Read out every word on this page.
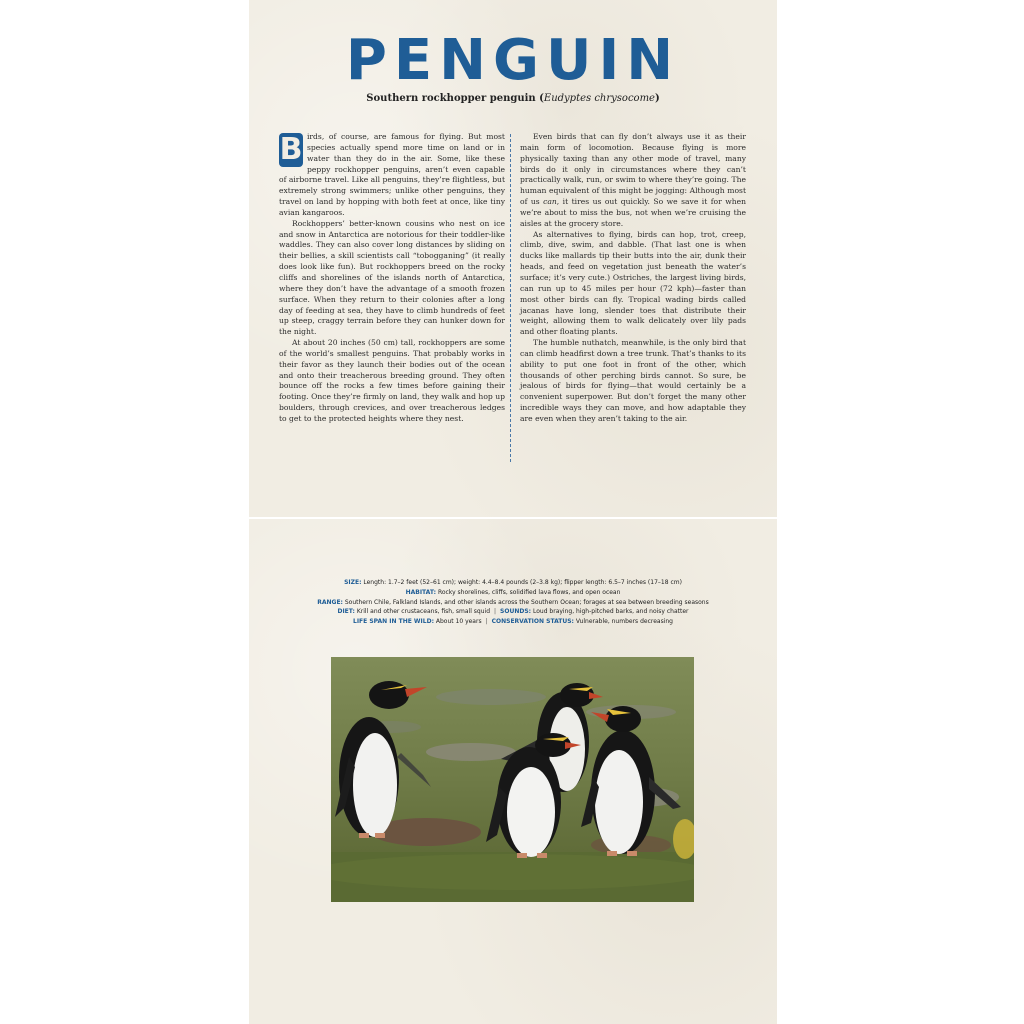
PENGUIN
Southern rockhopper penguin (Eudyptes chrysocome)

B irds, of course, are famous for flying. But most species actually spend more time on land or in water than they do in the air. Some, like these peppy rockhopper penguins, aren’t even capable of airborne travel. Like all penguins, they’re flightless, but extremely strong swimmers; unlike other penguins, they travel on land by hopping with both feet at once, like tiny avian kangaroos.

Rockhoppers’ better-known cousins who nest on ice and snow in Antarctica are notorious for their toddler-like waddles. They can also cover long distances by sliding on their bellies, a skill scientists call “tobogganing” (it really does look like fun). But rockhoppers breed on the rocky cliffs and shorelines of the islands north of Antarctica, where they don’t have the advantage of a smooth frozen surface. When they return to their colonies after a long day of feeding at sea, they have to climb hundreds of feet up steep, craggy terrain before they can hunker down for the night.

At about 20 inches (50 cm) tall, rockhoppers are some of the world’s smallest penguins. That probably works in their favor as they launch their bodies out of the ocean and onto their treacherous breeding ground. They often bounce off the rocks a few times before gaining their footing. Once they’re firmly on land, they walk and hop up boulders, through crevices, and over treacherous ledges to get to the protected heights where they nest.

Even birds that can fly don’t always use it as their main form of locomotion. Because flying is more physically taxing than any other mode of travel, many birds do it only in circumstances where they can’t practically walk, run, or swim to where they’re going. The human equivalent of this might be jogging: Although most of us can, it tires us out quickly. So we save it for when we’re about to miss the bus, not when we’re cruising the aisles at the grocery store.

As alternatives to flying, birds can hop, trot, creep, climb, dive, swim, and dabble. (That last one is when ducks like mallards tip their butts into the air, dunk their heads, and feed on vegetation just beneath the water’s surface; it’s very cute.) Ostriches, the largest living birds, can run up to 45 miles per hour (72 kph)—faster than most other birds can fly. Tropical wading birds called jacanas have long, slender toes that distribute their weight, allowing them to walk delicately over lily pads and other floating plants.

The humble nuthatch, meanwhile, is the only bird that can climb headfirst down a tree trunk. That’s thanks to its ability to put one foot in front of the other, which thousands of other perching birds cannot. So sure, be jealous of birds for flying—that would certainly be a convenient superpower. But don’t forget the many other incredible ways they can move, and how adaptable they are even when they aren’t taking to the air.

SIZE: Length: 1.7–2 feet (52–61 cm); weight: 4.4–8.4 pounds (2–3.8 kg); flipper length: 6.5–7 inches (17–18 cm)
HABITAT: Rocky shorelines, cliffs, solidified lava flows, and open ocean
RANGE: Southern Chile, Falkland Islands, and other islands across the Southern Ocean; forages at sea between breeding seasons
DIET: Krill and other crustaceans, fish, small squid | SOUNDS: Loud braying, high-pitched barks, and noisy chatter
LIFE SPAN IN THE WILD: About 10 years | CONSERVATION STATUS: Vulnerable, numbers decreasing
